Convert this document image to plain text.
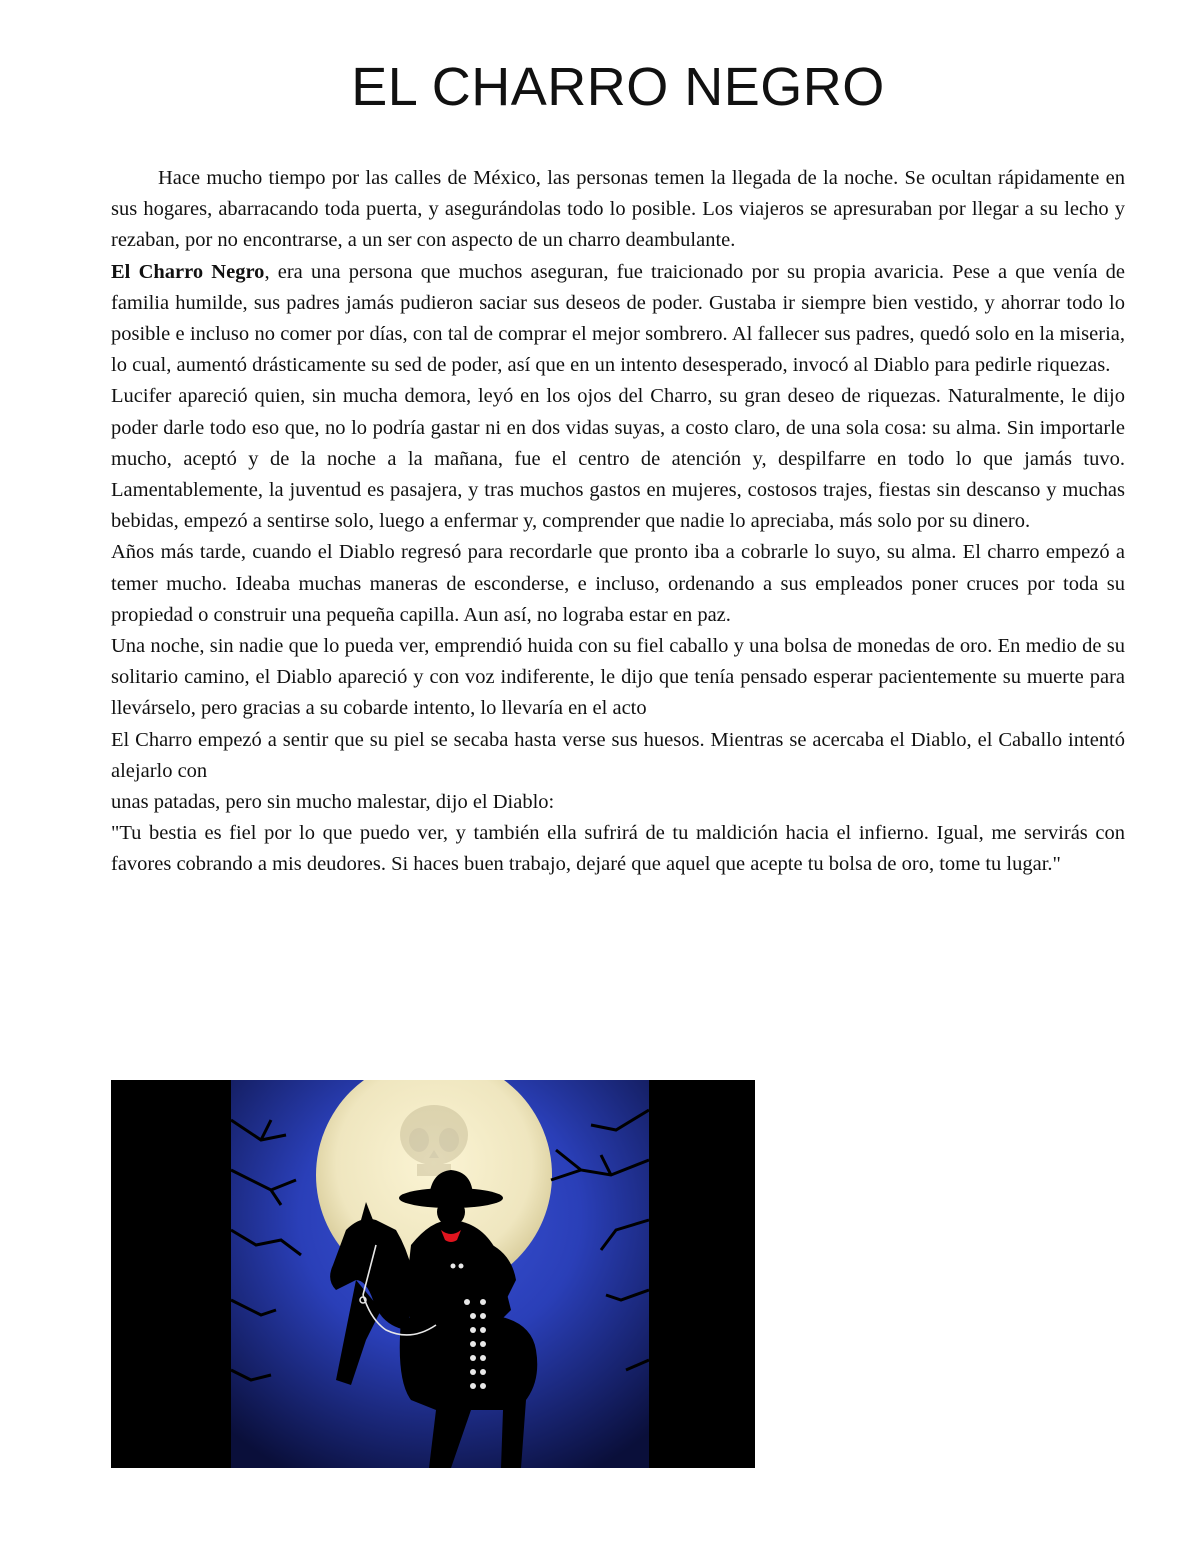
EL CHARRO NEGRO

Hace mucho tiempo por las calles de México, las personas temen la llegada de la noche. Se ocultan rápidamente en sus hogares, abarracando toda puerta, y asegurándolas todo lo posible. Los viajeros se apresuraban por llegar a su lecho y rezaban, por no encontrarse, a un ser con aspecto de un charro deambulante.

El Charro Negro, era una persona que muchos aseguran, fue traicionado por su propia avaricia. Pese a que venía de familia humilde, sus padres jamás pudieron saciar sus deseos de poder. Gustaba ir siempre bien vestido, y ahorrar todo lo posible e incluso no comer por días, con tal de comprar el mejor sombrero. Al fallecer sus padres, quedó solo en la miseria, lo cual, aumentó drásticamente su sed de poder, así que en un intento desesperado, invocó al Diablo para pedirle riquezas.

Lucifer apareció quien, sin mucha demora, leyó en los ojos del Charro, su gran deseo de riquezas. Naturalmente, le dijo poder darle todo eso que, no lo podría gastar ni en dos vidas suyas, a costo claro, de una sola cosa: su alma. Sin importarle mucho, aceptó y de la noche a la mañana, fue el centro de atención y, despilfarre en todo lo que jamás tuvo. Lamentablemente, la juventud es pasajera, y tras muchos gastos en mujeres, costosos trajes, fiestas sin descanso y muchas bebidas, empezó a sentirse solo, luego a enfermar y, comprender que nadie lo apreciaba, más solo por su dinero.

Años más tarde, cuando el Diablo regresó para recordarle que pronto iba a cobrarle lo suyo, su alma. El charro empezó a temer mucho. Ideaba muchas maneras de esconderse, e incluso, ordenando a sus empleados poner cruces por toda su propiedad o construir una pequeña capilla. Aun así, no lograba estar en paz.

Una noche, sin nadie que lo pueda ver, emprendió huida con su fiel caballo y una bolsa de monedas de oro. En medio de su solitario camino, el Diablo apareció y con voz indiferente, le dijo que tenía pensado esperar pacientemente su muerte para llevárselo, pero gracias a su cobarde intento, lo llevaría en el acto

El Charro empezó a sentir que su piel se secaba hasta verse sus huesos. Mientras se acercaba el Diablo, el Caballo intentó alejarlo con

unas patadas, pero sin mucho malestar, dijo el Diablo:

"Tu bestia es fiel por lo que puedo ver, y también ella sufrirá de tu maldición hacia el infierno. Igual, me servirás con favores cobrando a mis deudores. Si haces buen trabajo, dejaré que aquel que acepte tu bolsa de oro, tome tu lugar."
